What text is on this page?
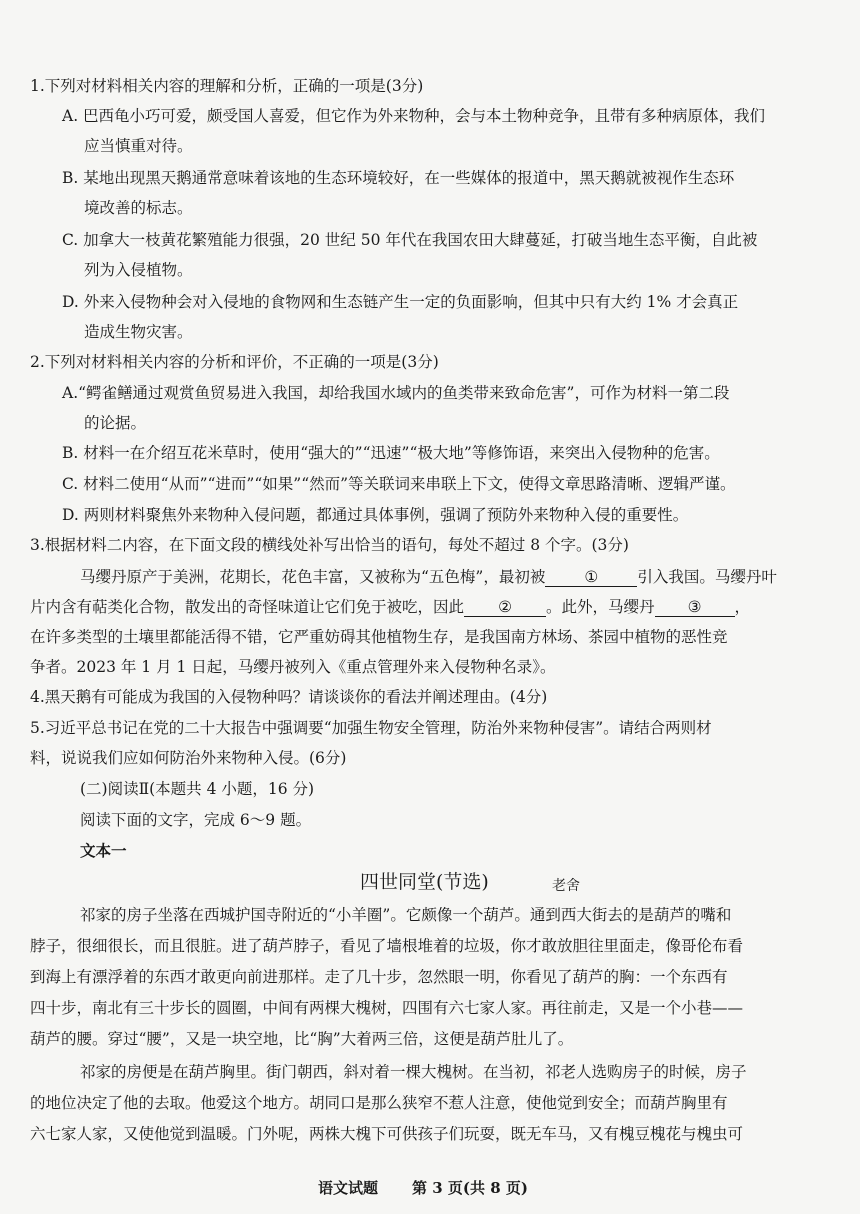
1.下列对材料相关内容的理解和分析，正确的一项是(3分)
A. 巴西龟小巧可爱，颇受国人喜爱，但它作为外来物种，会与本土物种竞争，且带有多种病原体，我们
应当慎重对待。
B. 某地出现黑天鹅通常意味着该地的生态环境较好，在一些媒体的报道中，黑天鹅就被视作生态环
境改善的标志。
C. 加拿大一枝黄花繁殖能力很强，20 世纪 50 年代在我国农田大肆蔓延，打破当地生态平衡，自此被
列为入侵植物。
D. 外来入侵物种会对入侵地的食物网和生态链产生一定的负面影响，但其中只有大约 1% 才会真正
造成生物灾害。
2.下列对材料相关内容的分析和评价，不正确的一项是(3分)
A.“鳄雀鳝通过观赏鱼贸易进入我国，却给我国水域内的鱼类带来致命危害”，可作为材料一第二段
的论据。
B. 材料一在介绍互花米草时，使用“强大的”“迅速”“极大地”等修饰语，来突出入侵物种的危害。
C. 材料二使用“从而”“进而”“如果”“然而”等关联词来串联上下文，使得文章思路清晰、逻辑严谨。
D. 两则材料聚焦外来物种入侵问题，都通过具体事例，强调了预防外来物种入侵的重要性。
3.根据材料二内容，在下面文段的横线处补写出恰当的语句，每处不超过 8 个字。(3分)
马缨丹原产于美洲，花期长，花色丰富，又被称为“五色梅”，最初被	①	引入我国。马缨丹叶
片内含有萜类化合物，散发出的奇怪味道让它们免于被吃，因此 ② 。此外，马缨丹 ③ ，
在许多类型的土壤里都能活得不错，它严重妨碍其他植物生存，是我国南方林场、茶园中植物的恶性竞
争者。2023 年 1 月 1 日起，马缨丹被列入《重点管理外来入侵物种名录》。
4.黑天鹅有可能成为我国的入侵物种吗？请谈谈你的看法并阐述理由。(4分)
5.习近平总书记在党的二十大报告中强调要“加强生物安全管理，防治外来物种侵害”。请结合两则材
料，说说我们应如何防治外来物种入侵。(6分)
(二)阅读Ⅱ(本题共 4 小题，16 分)
阅读下面的文字，完成 6～9 题。
文本一
四世同堂(节选)	老舍
祁家的房子坐落在西城护国寺附近的“小羊圈”。它颇像一个葫芦。通到西大街去的是葫芦的嘴和
脖子，很细很长，而且很脏。进了葫芦脖子，看见了墙根堆着的垃圾，你才敢放胆往里面走，像哥伦布看
到海上有漂浮着的东西才敢更向前进那样。走了几十步，忽然眼一明，你看见了葫芦的胸：一个东西有
四十步，南北有三十步长的圆圈，中间有两棵大槐树，四围有六七家人家。再往前走，又是一个小巷——
葫芦的腰。穿过“腰”，又是一块空地，比“胸”大着两三倍，这便是葫芦肚儿了。
祁家的房便是在葫芦胸里。街门朝西，斜对着一棵大槐树。在当初，祁老人选购房子的时候，房子
的地位决定了他的去取。他爱这个地方。胡同口是那么狭窄不惹人注意，使他觉到安全；而葫芦胸里有
六七家人家，又使他觉到温暖。门外呢，两株大槐下可供孩子们玩耍，既无车马，又有槐豆槐花与槐虫可
语文试题 第 3 页(共 8 页)
